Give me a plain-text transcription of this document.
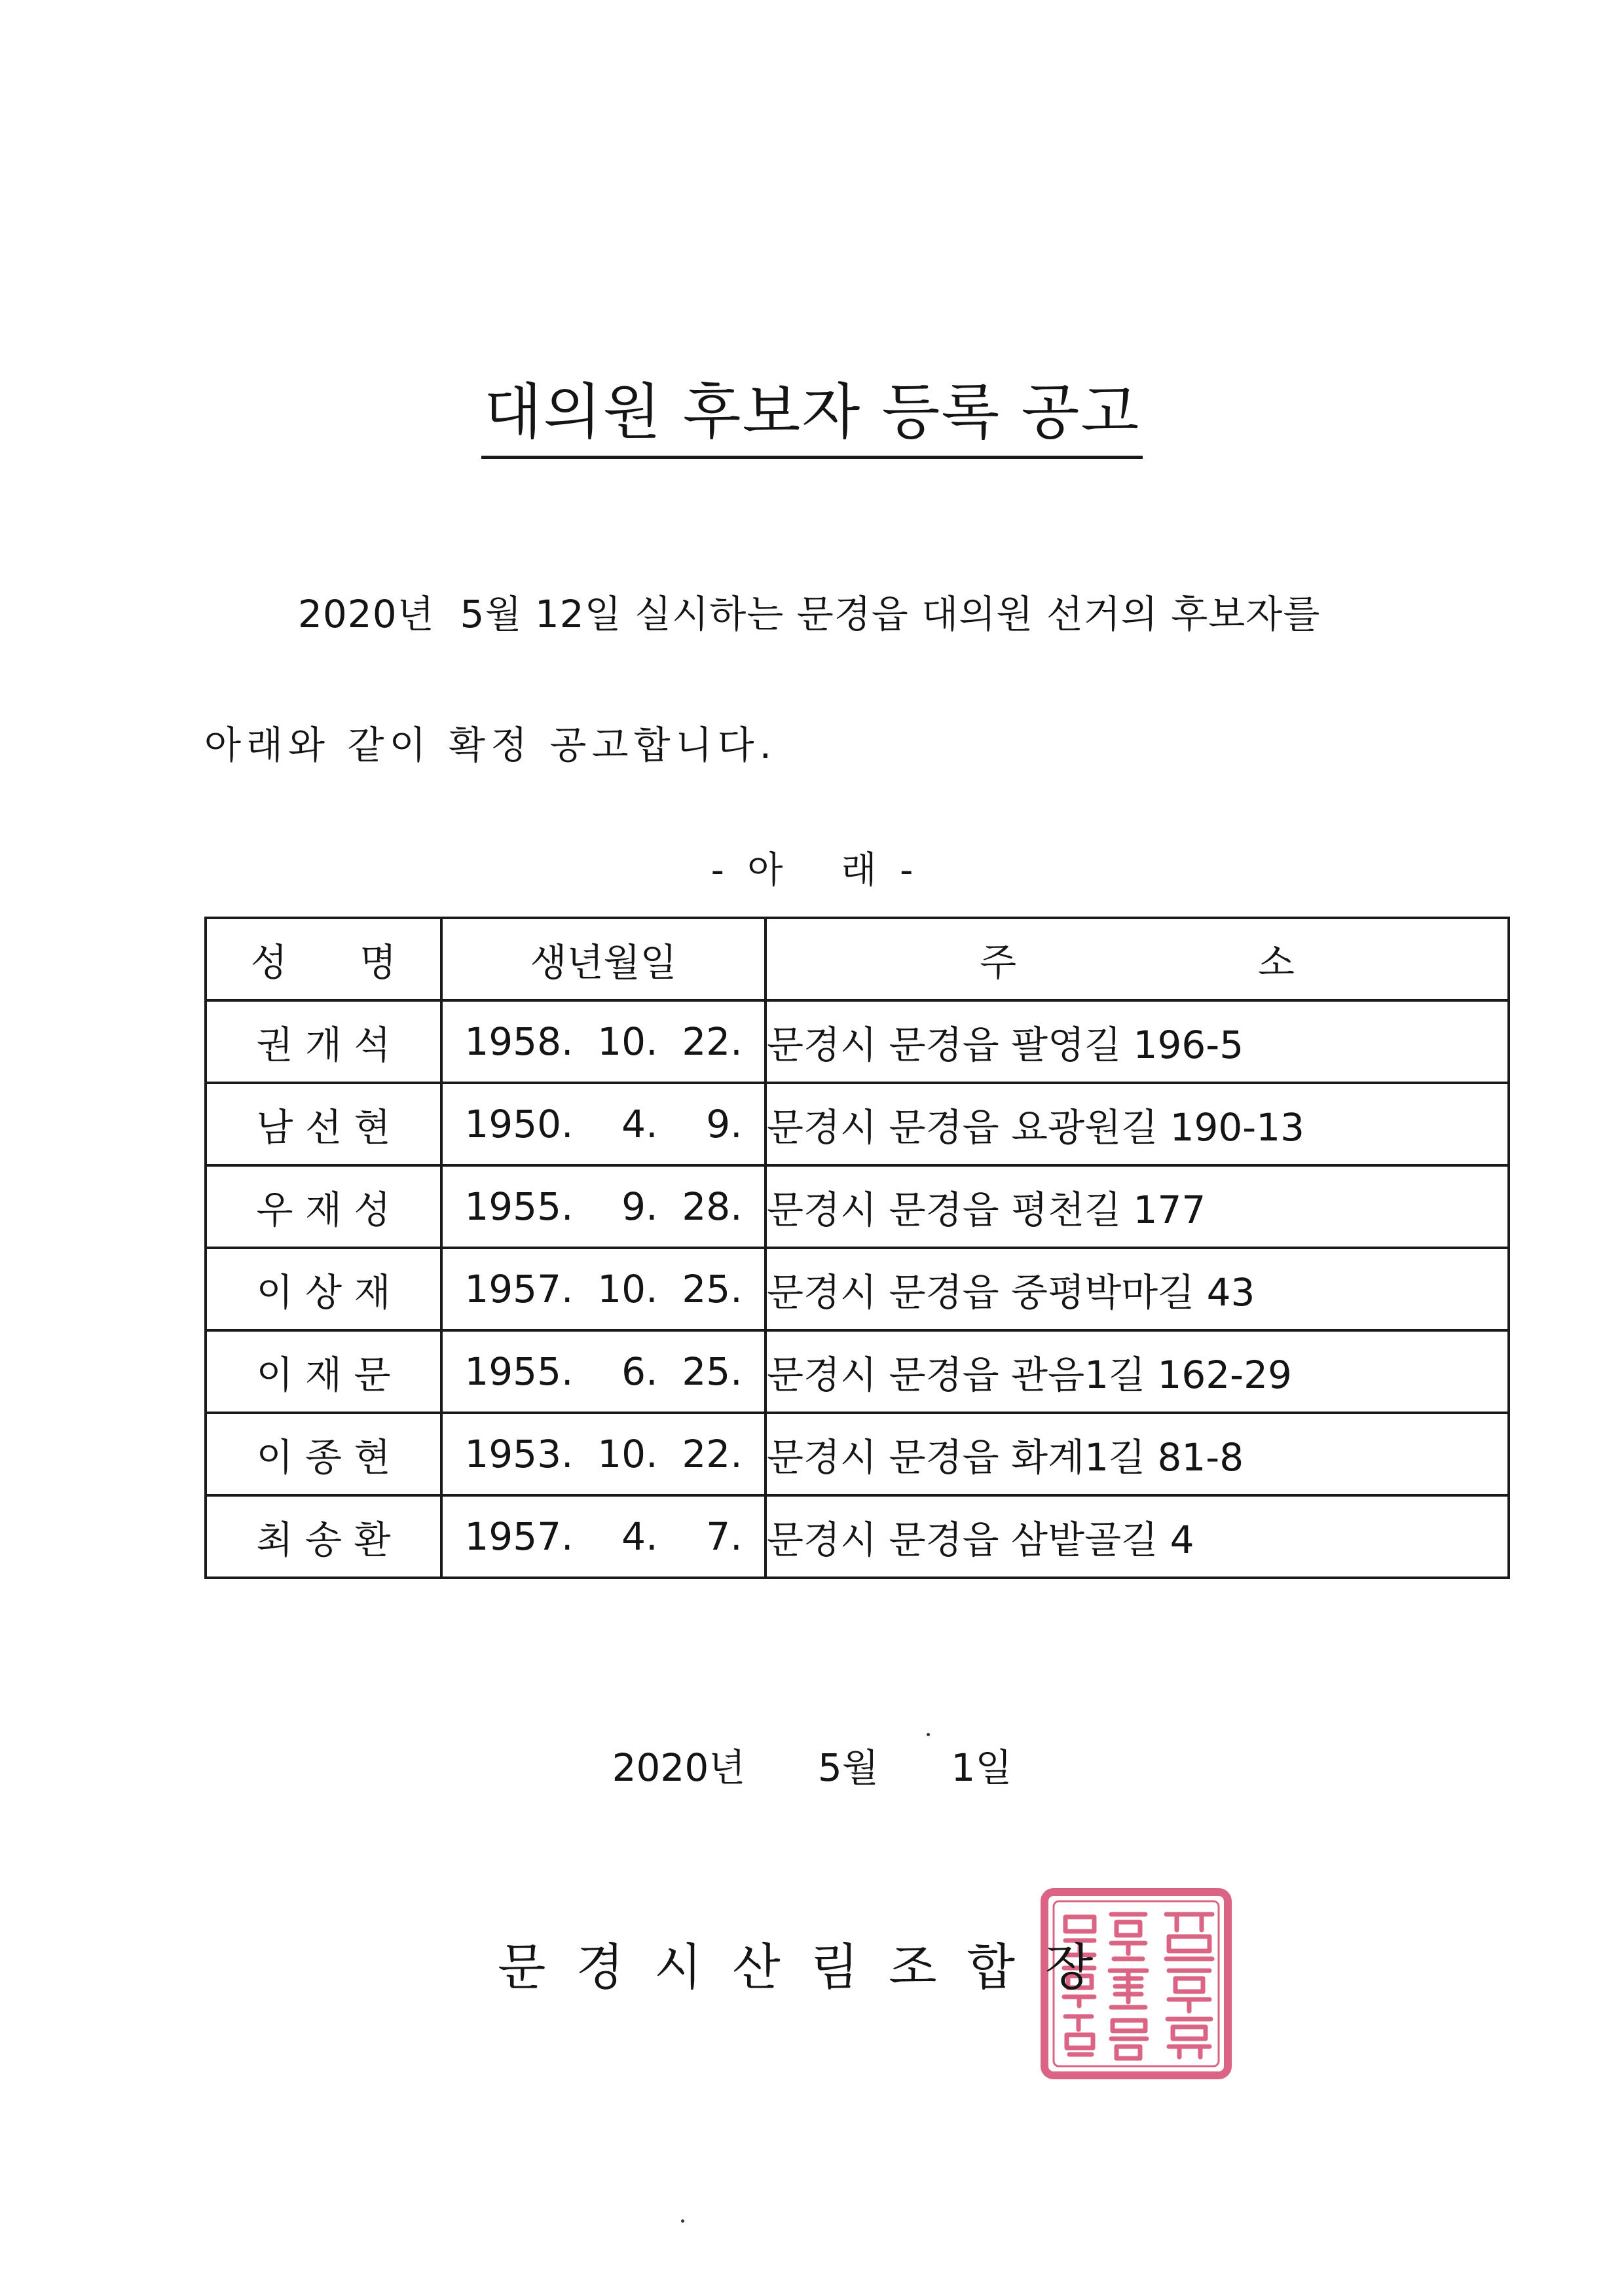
대의원 후보자 등록 공고
2020년  5월 12일 실시하는 문경읍 대의원 선거의 후보자를
아래와 같이 확정 공고합니다.
-  아     래  -
성      명	생년월일	주                    소
권 개 석	1958.  10.  22.	문경시 문경읍 팔영길 196-5
남 선 현	1950.    4.    9.	문경시 문경읍 요광원길 190-13
우 재 성	1955.    9.  28.	문경시 문경읍 평천길 177
이 상 재	1957.  10.  25.	문경시 문경읍 중평박마길 43
이 재 문	1955.    6.  25.	문경시 문경읍 관음1길 162-29
이 종 현	1953.  10.  22.	문경시 문경읍 화계1길 81-8
최 송 환	1957.    4.    7.	문경시 문경읍 삼밭골길 4
2020년      5월      1일
문경시산림조합장
